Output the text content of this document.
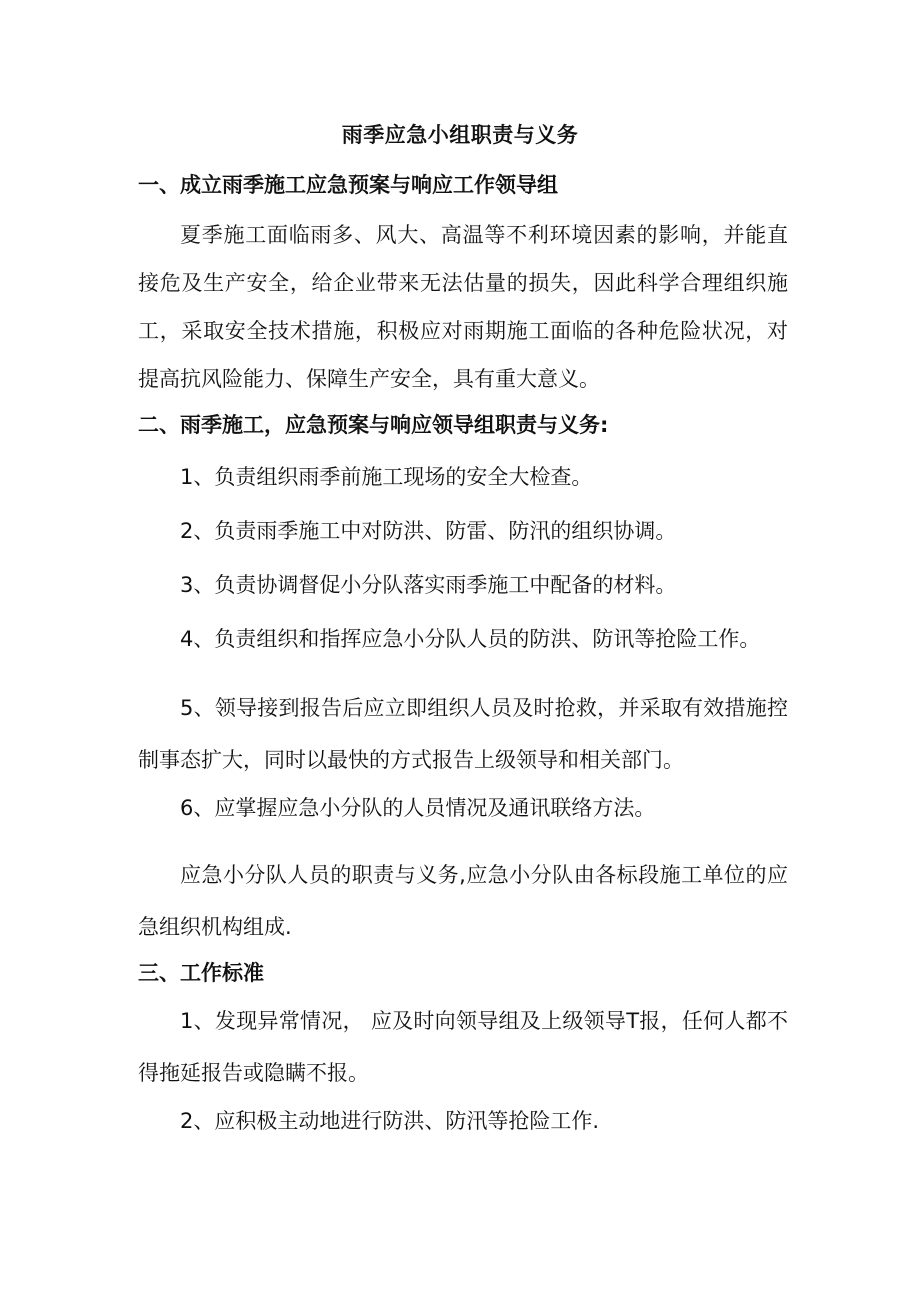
雨季应急小组职责与义务
一、成立雨季施工应急预案与响应工作领导组

夏季施工面临雨多、风大、高温等不利环境因素的影响，并能直接危及生产安全，给企业带来无法估量的损失，因此科学合理组织施工，采取安全技术措施，积极应对雨期施工面临的各种危险状况，对提高抗风险能力、保障生产安全，具有重大意义。

二、雨季施工，应急预案与响应领导组职责与义务:
1、负责组织雨季前施工现场的安全大检查。
2、负责雨季施工中对防洪、防雷、防汛的组织协调。
3、负责协调督促小分队落实雨季施工中配备的材料。
4、负责组织和指挥应急小分队人员的防洪、防讯等抢险工作。

5、领导接到报告后应立即组织人员及时抢救，并采取有效措施控制事态扩大，同时以最快的方式报告上级领导和相关部门。

6、应掌握应急小分队的人员情况及通讯联络方法。

应急小分队人员的职责与义务,应急小分队由各标段施工单位的应急组织机构组成.

三、工作标准

1、发现异常情况， 应及时向领导组及上级领导T报，任何人都不得拖延报告或隐瞒不报。

2、应积极主动地进行防洪、防汛等抢险工作.
